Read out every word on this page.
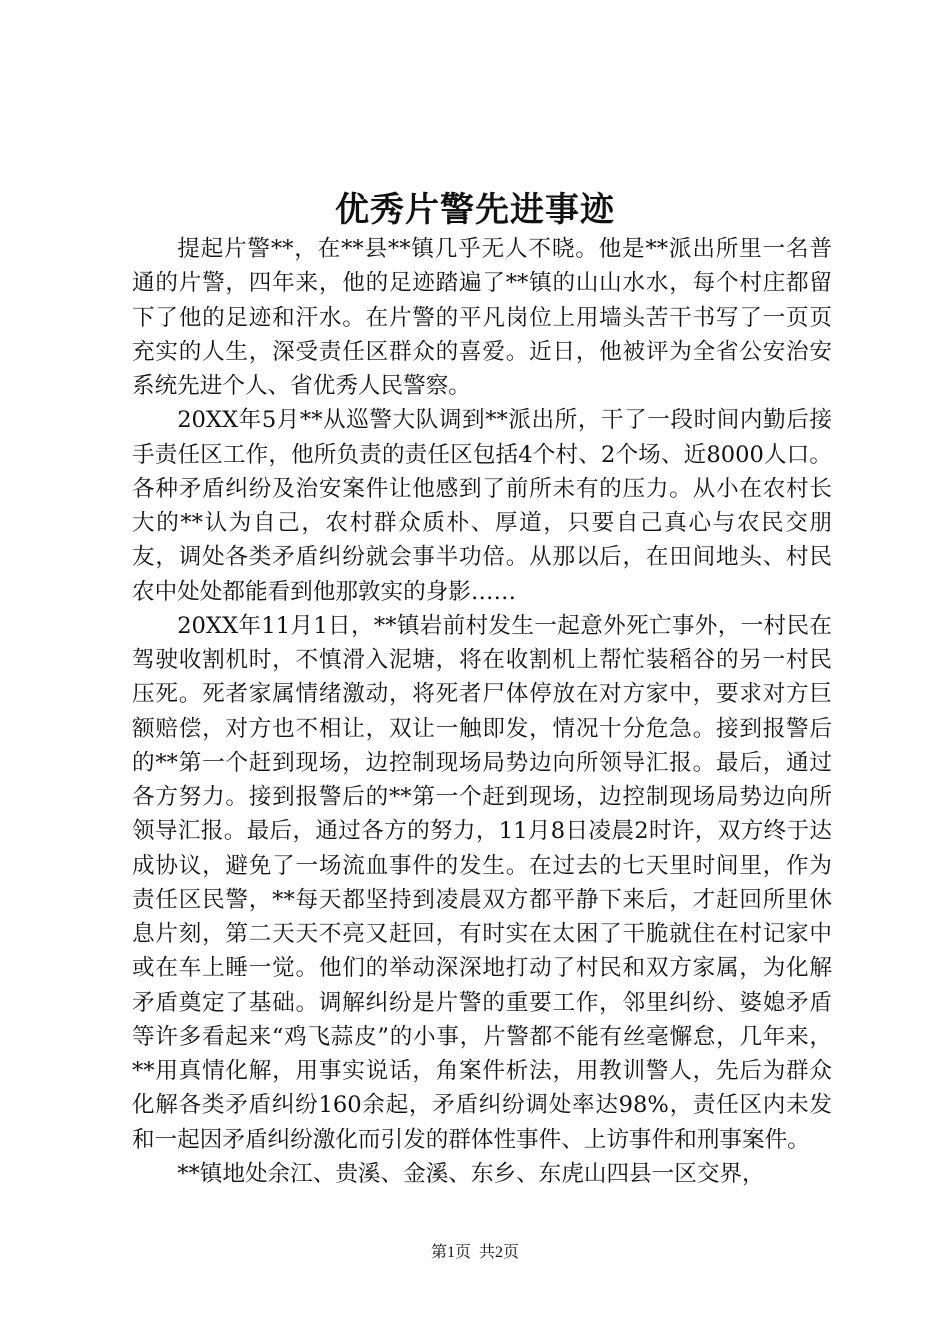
优秀片警先进事迹

提起片警**，在**县**镇几乎无人不晓。他是**派出所里一名普通的片警，四年来，他的足迹踏遍了**镇的山山水水，每个村庄都留下了他的足迹和汗水。在片警的平凡岗位上用墙头苦干书写了一页页充实的人生，深受责任区群众的喜爱。近日，他被评为全省公安治安系统先进个人、省优秀人民警察。

20XX年5月**从巡警大队调到**派出所，干了一段时间内勤后接手责任区工作，他所负责的责任区包括4个村、2个场、近8000人口。各种矛盾纠纷及治安案件让他感到了前所未有的压力。从小在农村长大的**认为自己，农村群众质朴、厚道，只要自己真心与农民交朋友，调处各类矛盾纠纷就会事半功倍。从那以后，在田间地头、村民农中处处都能看到他那敦实的身影……

20XX年11月1日，**镇岩前村发生一起意外死亡事外，一村民在驾驶收割机时，不慎滑入泥塘，将在收割机上帮忙装稻谷的另一村民压死。死者家属情绪激动，将死者尸体停放在对方家中，要求对方巨额赔偿，对方也不相让，双让一触即发，情况十分危急。接到报警后的**第一个赶到现场，边控制现场局势边向所领导汇报。最后，通过各方努力。接到报警后的**第一个赶到现场，边控制现场局势边向所领导汇报。最后，通过各方的努力，11月8日凌晨2时许，双方终于达成协议，避免了一场流血事件的发生。在过去的七天里时间里，作为责任区民警，**每天都坚持到凌晨双方都平静下来后，才赶回所里休息片刻，第二天天不亮又赶回，有时实在太困了干脆就住在村记家中或在车上睡一觉。他们的举动深深地打动了村民和双方家属，为化解矛盾奠定了基础。调解纠纷是片警的重要工作，邻里纠纷、婆媳矛盾等许多看起来“鸡飞蒜皮”的小事，片警都不能有丝毫懈怠，几年来，**用真情化解，用事实说话，角案件析法，用教训警人，先后为群众化解各类矛盾纠纷160余起，矛盾纠纷调处率达98%，责任区内未发和一起因矛盾纠纷激化而引发的群体性事件、上访事件和刑事案件。

**镇地处余江、贵溪、金溪、东乡、东虎山四县一区交界，

第1页 共2页
